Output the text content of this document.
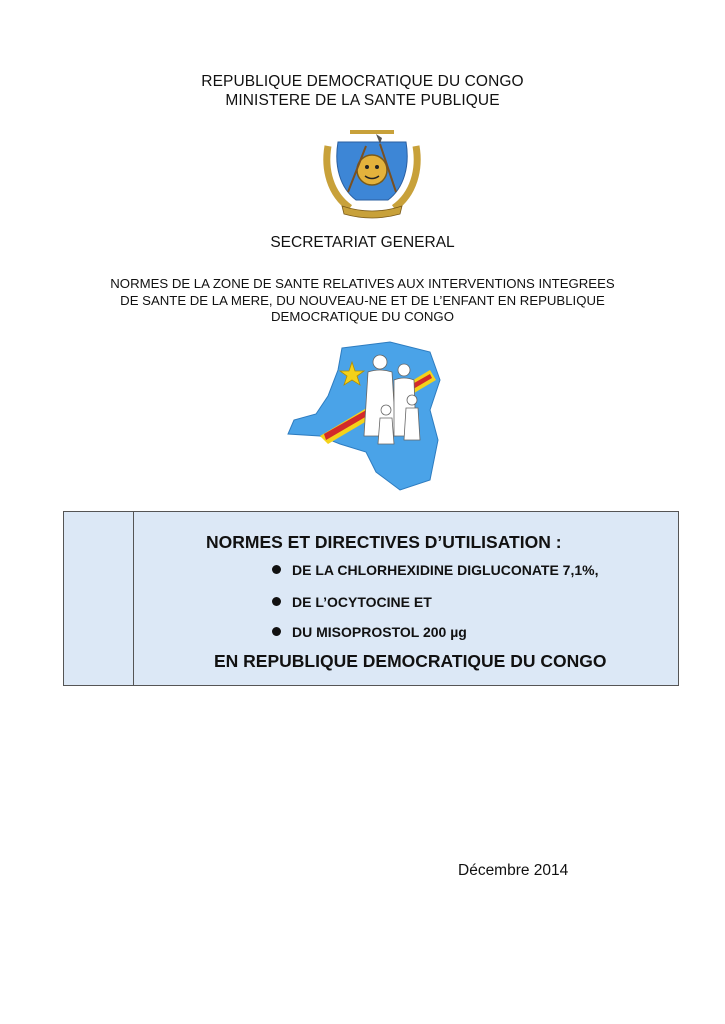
REPUBLIQUE DEMOCRATIQUE DU CONGO
MINISTERE DE LA SANTE PUBLIQUE
SECRETARIAT GENERAL
NORMES DE LA ZONE DE SANTE RELATIVES AUX INTERVENTIONS INTEGREES
DE SANTE DE LA MERE, DU NOUVEAU-NE ET DE L’ENFANT EN REPUBLIQUE
DEMOCRATIQUE DU CONGO
NORMES ET DIRECTIVES D’UTILISATION :
DE LA CHLORHEXIDINE DIGLUCONATE 7,1%,
DE L’OCYTOCINE ET
DU MISOPROSTOL 200 µg
EN REPUBLIQUE DEMOCRATIQUE DU CONGO
Décembre 2014
